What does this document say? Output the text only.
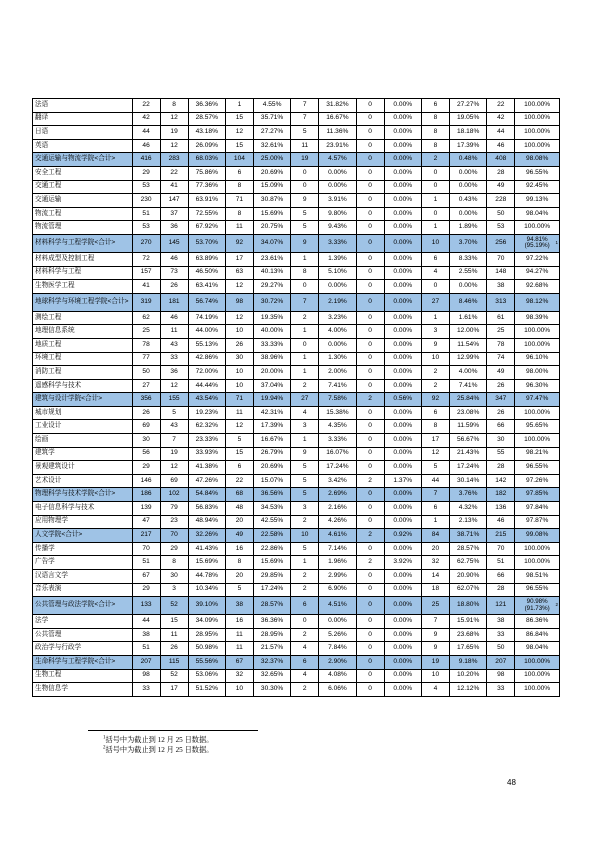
法语	22	8	36.36%	1	4.55%	7	31.82%	0	0.00%	6	27.27%	22	100.00%
翻译	42	12	28.57%	15	35.71%	7	16.67%	0	0.00%	8	19.05%	42	100.00%
日语	44	19	43.18%	12	27.27%	5	11.36%	0	0.00%	8	18.18%	44	100.00%
英语	46	12	26.09%	15	32.61%	11	23.91%	0	0.00%	8	17.39%	46	100.00%
交通运输与物流学院<合计>	416	283	68.03%	104	25.00%	19	4.57%	0	0.00%	2	0.48%	408	98.08%
安全工程	29	22	75.86%	6	20.69%	0	0.00%	0	0.00%	0	0.00%	28	96.55%
交通工程	53	41	77.36%	8	15.09%	0	0.00%	0	0.00%	0	0.00%	49	92.45%
交通运输	230	147	63.91%	71	30.87%	9	3.91%	0	0.00%	1	0.43%	228	99.13%
物流工程	51	37	72.55%	8	15.69%	5	9.80%	0	0.00%	0	0.00%	50	98.04%
物流管理	53	36	67.92%	11	20.75%	5	9.43%	0	0.00%	1	1.89%	53	100.00%
材料科学与工程学院<合计>	270	145	53.70%	92	34.07%	9	3.33%	0	0.00%	10	3.70%	256	94.81%
(95.19%) 1

材料成型及控制工程	72	46	63.89%	17	23.61%	1	1.39%	0	0.00%	6	8.33%	70	97.22%
材料科学与工程	157	73	46.50%	63	40.13%	8	5.10%	0	0.00%	4	2.55%	148	94.27%
生物医学工程	41	26	63.41%	12	29.27%	0	0.00%	0	0.00%	0	0.00%	38	92.68%
地球科学与环境工程学院<合计>	319	181	56.74%	98	30.72%	7	2.19%	0	0.00%	27	8.46%	313	98.12%
测绘工程	62	46	74.19%	12	19.35%	2	3.23%	0	0.00%	1	1.61%	61	98.39%
地理信息系统	25	11	44.00%	10	40.00%	1	4.00%	0	0.00%	3	12.00%	25	100.00%
地质工程	78	43	55.13%	26	33.33%	0	0.00%	0	0.00%	9	11.54%	78	100.00%
环境工程	77	33	42.86%	30	38.96%	1	1.30%	0	0.00%	10	12.99%	74	96.10%
消防工程	50	36	72.00%	10	20.00%	1	2.00%	0	0.00%	2	4.00%	49	98.00%
遥感科学与技术	27	12	44.44%	10	37.04%	2	7.41%	0	0.00%	2	7.41%	26	96.30%
建筑与设计学院<合计>	356	155	43.54%	71	19.94%	27	7.58%	2	0.56%	92	25.84%	347	97.47%
城市规划	26	5	19.23%	11	42.31%	4	15.38%	0	0.00%	6	23.08%	26	100.00%
工业设计	69	43	62.32%	12	17.39%	3	4.35%	0	0.00%	8	11.59%	66	95.65%
绘画	30	7	23.33%	5	16.67%	1	3.33%	0	0.00%	17	56.67%	30	100.00%
建筑学	56	19	33.93%	15	26.79%	9	16.07%	0	0.00%	12	21.43%	55	98.21%
景观建筑设计	29	12	41.38%	6	20.69%	5	17.24%	0	0.00%	5	17.24%	28	96.55%
艺术设计	146	69	47.26%	22	15.07%	5	3.42%	2	1.37%	44	30.14%	142	97.26%
物理科学与技术学院<合计>	186	102	54.84%	68	36.56%	5	2.69%	0	0.00%	7	3.76%	182	97.85%
电子信息科学与技术	139	79	56.83%	48	34.53%	3	2.16%	0	0.00%	6	4.32%	136	97.84%
应用物理学	47	23	48.94%	20	42.55%	2	4.26%	0	0.00%	1	2.13%	46	97.87%
人文学院<合计>	217	70	32.26%	49	22.58%	10	4.61%	2	0.92%	84	38.71%	215	99.08%
传播学	70	29	41.43%	16	22.86%	5	7.14%	0	0.00%	20	28.57%	70	100.00%
广告学	51	8	15.69%	8	15.69%	1	1.96%	2	3.92%	32	62.75%	51	100.00%
汉语言文学	67	30	44.78%	20	29.85%	2	2.99%	0	0.00%	14	20.90%	66	98.51%
音乐表演	29	3	10.34%	5	17.24%	2	6.90%	0	0.00%	18	62.07%	28	96.55%
公共管理与政法学院<合计>	133	52	39.10%	38	28.57%	6	4.51%	0	0.00%	25	18.80%	121	90.98%
(91.73%) 2

法学	44	15	34.09%	16	36.36%	0	0.00%	0	0.00%	7	15.91%	38	86.36%
公共管理	38	11	28.95%	11	28.95%	2	5.26%	0	0.00%	9	23.68%	33	86.84%
政治学与行政学	51	26	50.98%	11	21.57%	4	7.84%	0	0.00%	9	17.65%	50	98.04%
生命科学与工程学院<合计>	207	115	55.56%	67	32.37%	6	2.90%	0	0.00%	19	9.18%	207	100.00%
生物工程	98	52	53.06%	32	32.65%	4	4.08%	0	0.00%	10	10.20%	98	100.00%
生物信息学	33	17	51.52%	10	30.30%	2	6.06%	0	0.00%	4	12.12%	33	100.00%
$^1$括号中为截止到 12 月 25 日数据。
$^2$括号中为截止到 12 月 25 日数据。
48
